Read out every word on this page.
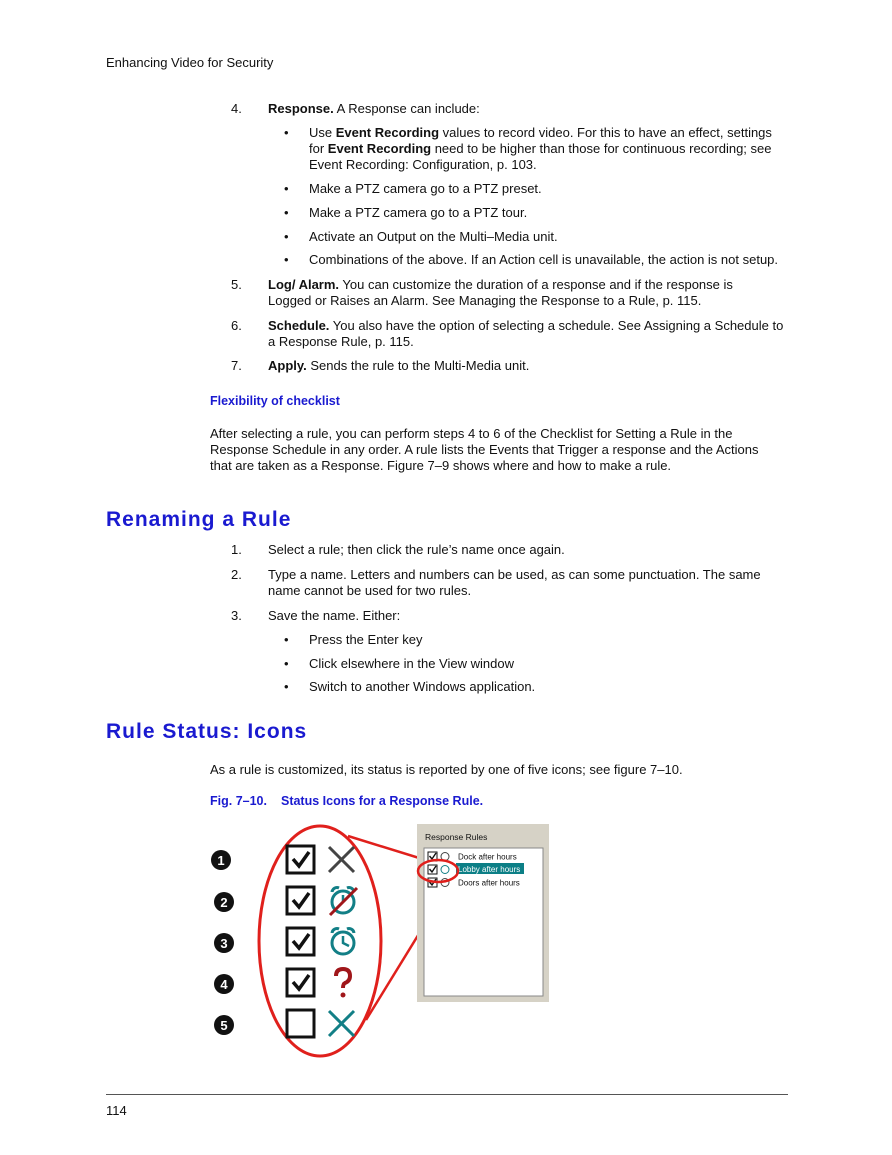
Enhancing Video for Security
4. Response. A Response can include:
• Use Event Recording values to record video. For this to have an effect, settings for Event Recording need to be higher than those for continuous recording; see Event Recording: Configuration, p. 103.
• Make a PTZ camera go to a PTZ preset.
• Make a PTZ camera go to a PTZ tour.
• Activate an Output on the Multi–Media unit.
• Combinations of the above. If an Action cell is unavailable, the action is not setup.
5. Log/ Alarm. You can customize the duration of a response and if the response is Logged or Raises an Alarm. See Managing the Response to a Rule, p. 115.
6. Schedule. You also have the option of selecting a schedule. See Assigning a Schedule to a Response Rule, p. 115.
7. Apply. Sends the rule to the Multi-Media unit.
Flexibility of checklist
After selecting a rule, you can perform steps 4 to 6 of the Checklist for Setting a Rule in the Response Schedule in any order. A rule lists the Events that Trigger a response and the Actions that are taken as a Response. Figure 7–9 shows where and how to make a rule.
Renaming a Rule
1. Select a rule; then click the rule’s name once again.
2. Type a name. Letters and numbers can be used, as can some punctuation. The same name cannot be used for two rules.
3. Save the name. Either:
• Press the Enter key
• Click elsewhere in the View window
• Switch to another Windows application.
Rule Status: Icons
As a rule is customized, its status is reported by one of five icons; see figure 7–10.
Fig. 7–10. Status Icons for a Response Rule.
1
2
3
4
5
Response Rules
Dock after hours
Lobby after hours
Doors after hours
114
